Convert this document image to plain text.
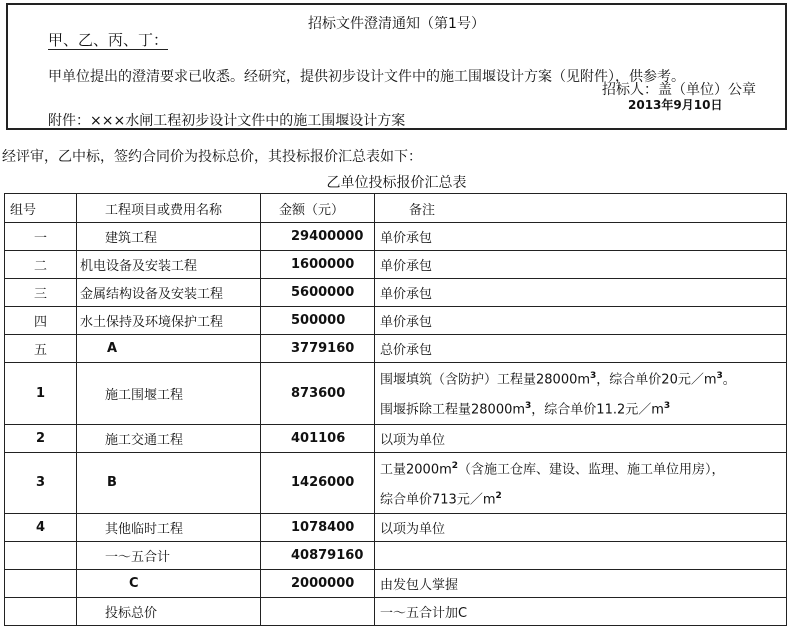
招标文件澄清通知（第1号）
甲、乙、丙、丁：
甲单位提出的澄清要求已收悉。经研究，提供初步设计文件中的施工围堰设计方案（见附件），供参考。
招标人：盖（单位）公章
2013年9月10日
附件：×××水闸工程初步设计文件中的施工围堰设计方案
经评审，乙中标，签约合同价为投标总价，其投标报价汇总表如下：
乙单位投标报价汇总表
组号	工程项目或费用名称	金额（元）	备注
一	建筑工程	29400000	单价承包
二	机电设备及安装工程	1600000	单价承包
三	金属结构设备及安装工程	5600000	单价承包
四	水土保持及环境保护工程	500000	单价承包
五	A	3779160	总价承包
1	施工围堰工程	873600	围堰填筑（含防护）工程量$28000m^3$，综合单价20元$/m^3$。
围堰拆除工程量$28000m^3$，综合单价11.2元$/m^3$

2	施工交通工程	401106	以项为单位
3	B	1426000	工量$2000m^2$（含施工仓库、建设、监理、施工单位用房），
综合单价713元$/m^2$

4	其他临时工程	1078400	以项为单位
	一～五合计	40879160	
	C	2000000	由发包人掌握
	投标总价		一～五合计加C
